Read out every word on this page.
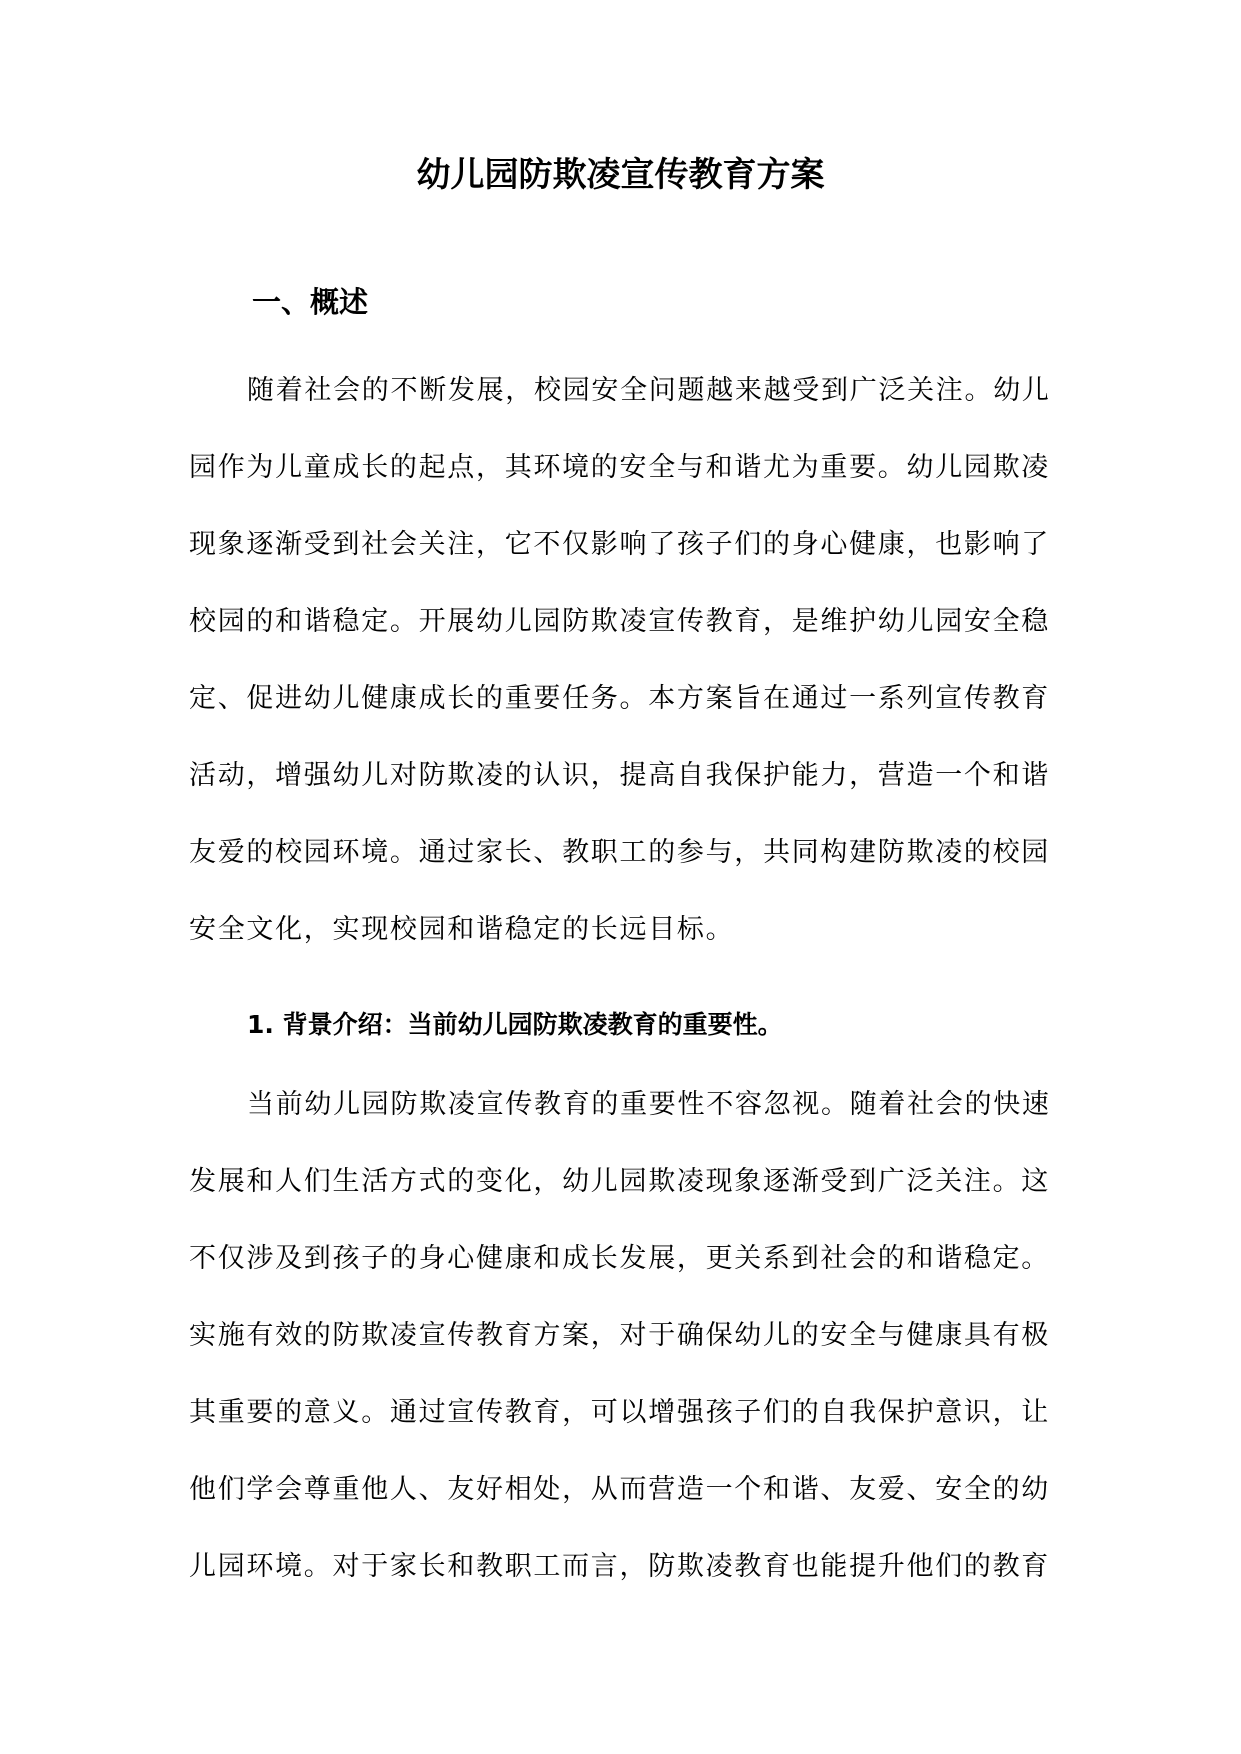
幼儿园防欺凌宣传教育方案
一、概述
随着社会的不断发展，校园安全问题越来越受到广泛关注。幼儿
园作为儿童成长的起点，其环境的安全与和谐尤为重要。幼儿园欺凌
现象逐渐受到社会关注，它不仅影响了孩子们的身心健康，也影响了
校园的和谐稳定。开展幼儿园防欺凌宣传教育，是维护幼儿园安全稳
定、促进幼儿健康成长的重要任务。本方案旨在通过一系列宣传教育
活动，增强幼儿对防欺凌的认识，提高自我保护能力，营造一个和谐
友爱的校园环境。通过家长、教职工的参与，共同构建防欺凌的校园
安全文化，实现校园和谐稳定的长远目标。
1. 背景介绍：当前幼儿园防欺凌教育的重要性。
当前幼儿园防欺凌宣传教育的重要性不容忽视。随着社会的快速
发展和人们生活方式的变化，幼儿园欺凌现象逐渐受到广泛关注。这
不仅涉及到孩子的身心健康和成长发展，更关系到社会的和谐稳定。
实施有效的防欺凌宣传教育方案，对于确保幼儿的安全与健康具有极
其重要的意义。通过宣传教育，可以增强孩子们的自我保护意识，让
他们学会尊重他人、友好相处，从而营造一个和谐、友爱、安全的幼
儿园环境。对于家长和教职工而言，防欺凌教育也能提升他们的教育
